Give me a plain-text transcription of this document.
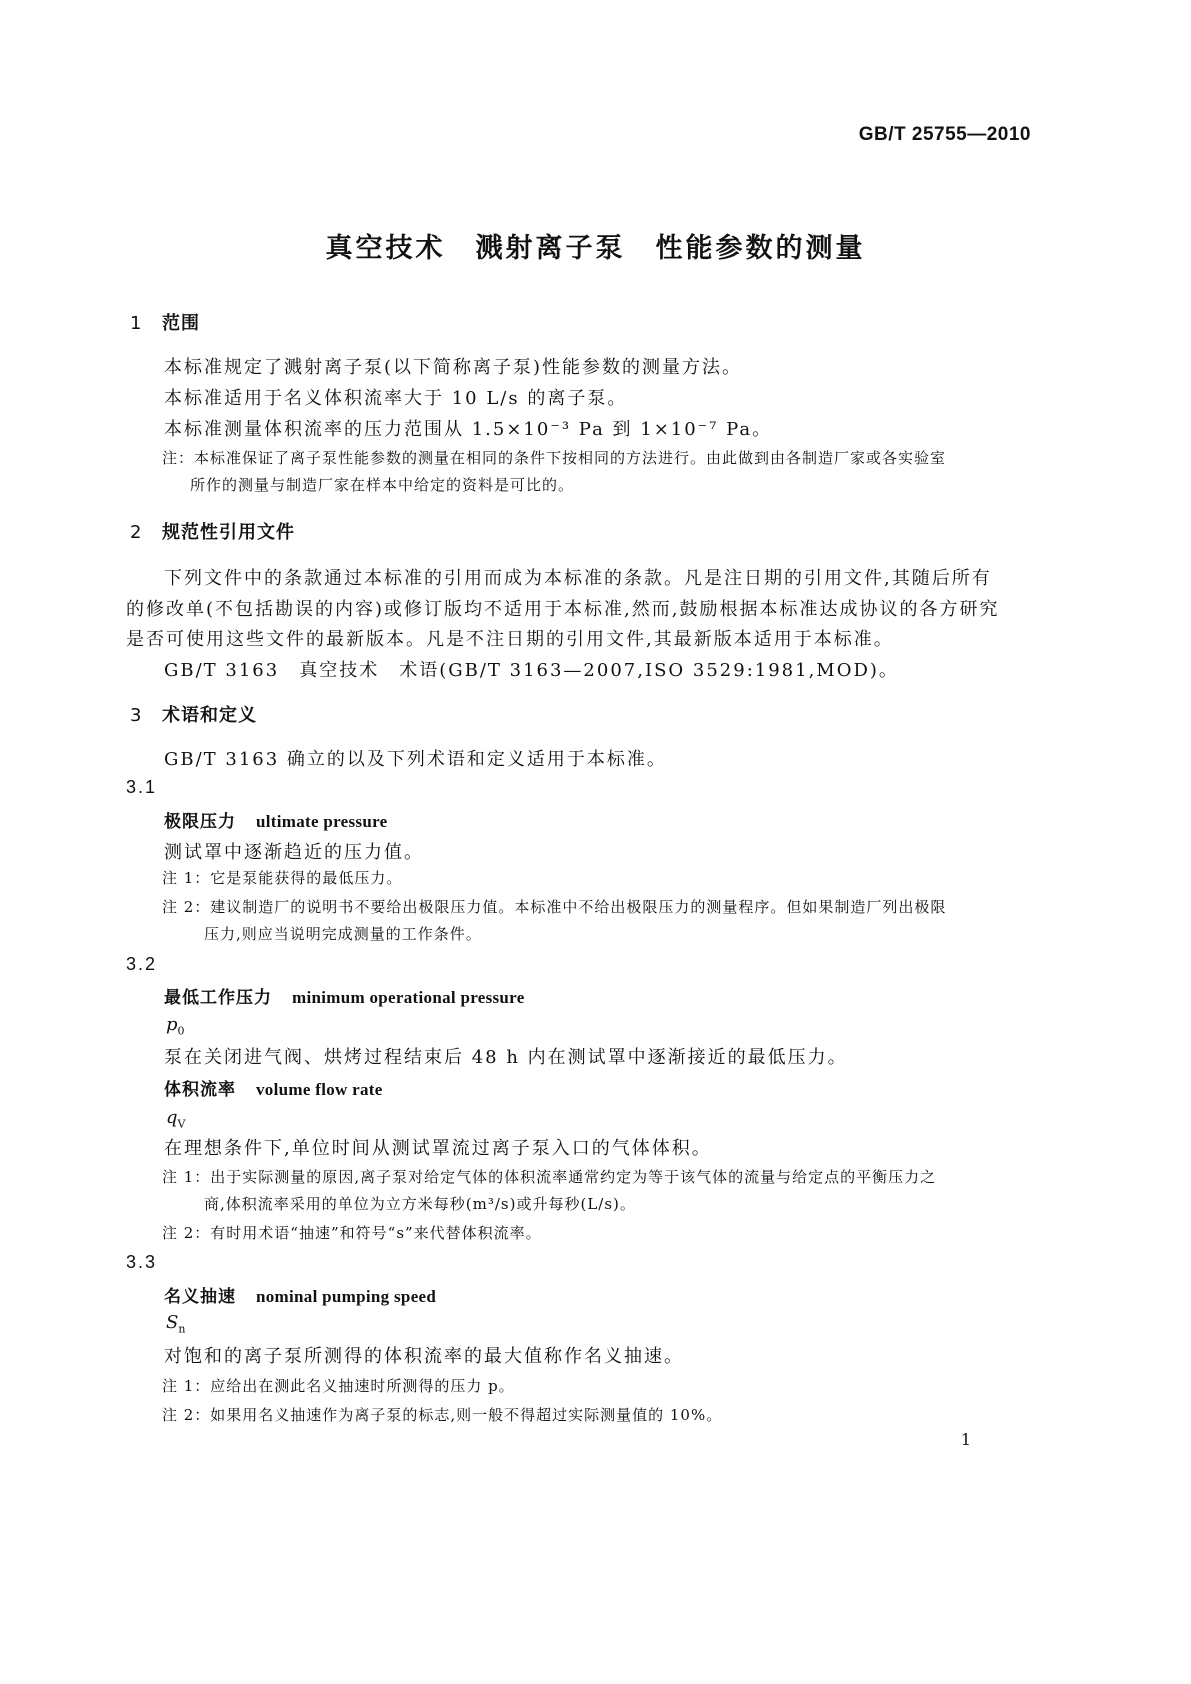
GB/T 25755—2010
真空技术　溅射离子泵　性能参数的测量
1 范围
本标准规定了溅射离子泵(以下简称离子泵)性能参数的测量方法。
本标准适用于名义体积流率大于 10 L/s 的离子泵。
本标准测量体积流率的压力范围从 1.5×10⁻³ Pa 到 1×10⁻⁷ Pa。
注：本标准保证了离子泵性能参数的测量在相同的条件下按相同的方法进行。由此做到由各制造厂家或各实验室
所作的测量与制造厂家在样本中给定的资料是可比的。
2 规范性引用文件
下列文件中的条款通过本标准的引用而成为本标准的条款。凡是注日期的引用文件,其随后所有
的修改单(不包括勘误的内容)或修订版均不适用于本标准,然而,鼓励根据本标准达成协议的各方研究
是否可使用这些文件的最新版本。凡是不注日期的引用文件,其最新版本适用于本标准。
GB/T 3163　真空技术　术语(GB/T 3163—2007,ISO 3529:1981,MOD)。
3 术语和定义
GB/T 3163 确立的以及下列术语和定义适用于本标准。
3.1
极限压力 ultimate pressure
测试罩中逐渐趋近的压力值。
注 1：它是泵能获得的最低压力。
注 2：建议制造厂的说明书不要给出极限压力值。本标准中不给出极限压力的测量程序。但如果制造厂列出极限
压力,则应当说明完成测量的工作条件。
3.2
最低工作压力 minimum operational pressure
$p_0$
泵在关闭进气阀、烘烤过程结束后 48 h 内在测试罩中逐渐接近的最低压力。
体积流率 volume flow rate
$q_V$
在理想条件下,单位时间从测试罩流过离子泵入口的气体体积。
注 1：出于实际测量的原因,离子泵对给定气体的体积流率通常约定为等于该气体的流量与给定点的平衡压力之
商,体积流率采用的单位为立方米每秒(m³/s)或升每秒(L/s)。
注 2：有时用术语“抽速”和符号“s”来代替体积流率。
3.3
名义抽速 nominal pumping speed
$S_n$
对饱和的离子泵所测得的体积流率的最大值称作名义抽速。
注 1：应给出在测此名义抽速时所测得的压力 p。
注 2：如果用名义抽速作为离子泵的标志,则一般不得超过实际测量值的 10%。
1
